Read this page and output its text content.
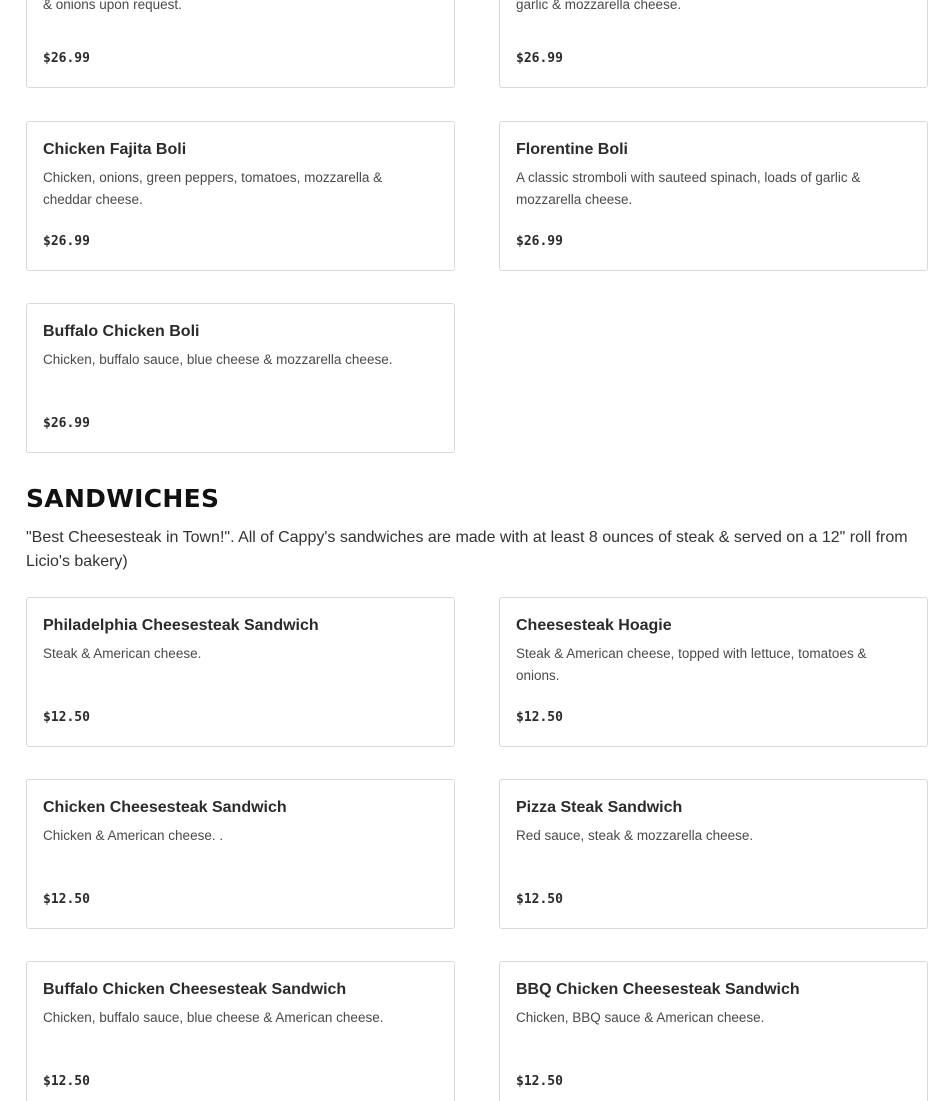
& onions upon request.
$26.99
garlic & mozzarella cheese.
$26.99
Chicken Fajita Boli
Chicken, onions, green peppers, tomatoes, mozzarella & cheddar cheese.
$26.99
Florentine Boli
A classic stromboli with sauteed spinach, loads of garlic & mozzarella cheese.
$26.99
Buffalo Chicken Boli
Chicken, buffalo sauce, blue cheese & mozzarella cheese.
$26.99
SANDWICHES

"Best Cheesesteak in Town!". All of Cappy's sandwiches are made with at least 8 ounces of steak & served on a 12" roll from Licio's bakery)

Philadelphia Cheesesteak Sandwich
Steak & American cheese.
$12.50
Cheesesteak Hoagie
Steak & American cheese, topped with lettuce, tomatoes & onions.
$12.50
Chicken Cheesesteak Sandwich
Chicken & American cheese. .
$12.50
Pizza Steak Sandwich
Red sauce, steak & mozzarella cheese.
$12.50
Buffalo Chicken Cheesesteak Sandwich
Chicken, buffalo sauce, blue cheese & American cheese.
$12.50
BBQ Chicken Cheesesteak Sandwich
Chicken, BBQ sauce & American cheese.
$12.50
